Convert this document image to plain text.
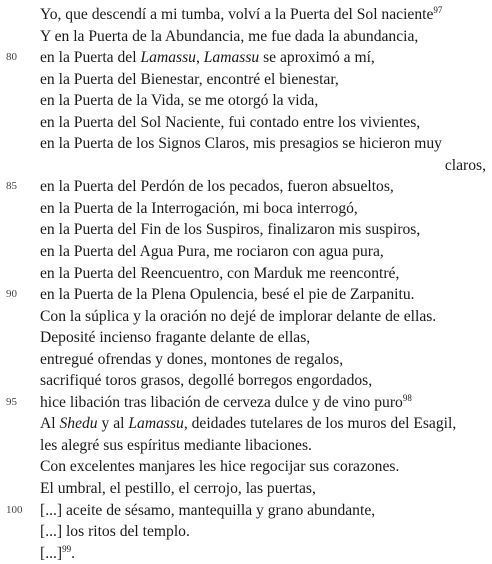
Yo, que descendí a mi tumba, volví a la Puerta del Sol naciente$^{97}$
Y en la Puerta de la Abundancia, me fue dada la abundancia,
80 en la Puerta del Lamassu, Lamassu se aproximó a mí,
en la Puerta del Bienestar, encontré el bienestar,
en la Puerta de la Vida, se me otorgó la vida,
en la Puerta del Sol Naciente, fui contado entre los vivientes,
en la Puerta de los Signos Claros, mis presagios se hicieron muy
claros,
85 en la Puerta del Perdón de los pecados, fueron absueltos,
en la Puerta de la Interrogación, mi boca interrogó,
en la Puerta del Fin de los Suspiros, finalizaron mis suspiros,
en la Puerta del Agua Pura, me rociaron con agua pura,
en la Puerta del Reencuentro, con Marduk me reencontré,
90 en la Puerta de la Plena Opulencia, besé el pie de Zarpanitu.
Con la súplica y la oración no dejé de implorar delante de ellas.
Deposité incienso fragante delante de ellas,
entregué ofrendas y dones, montones de regalos,
sacrifiqué toros grasos, degollé borregos engordados,
95 hice libación tras libación de cerveza dulce y de vino puro$^{98}$
Al Shedu y al Lamassu, deidades tutelares de los muros del Esagil,
les alegré sus espíritus mediante libaciones.
Con excelentes manjares les hice regocijar sus corazones.
El umbral, el pestillo, el cerrojo, las puertas,
100 [...] aceite de sésamo, mantequilla y grano abundante,
[...] los ritos del templo.
[...]$^{99}$.
